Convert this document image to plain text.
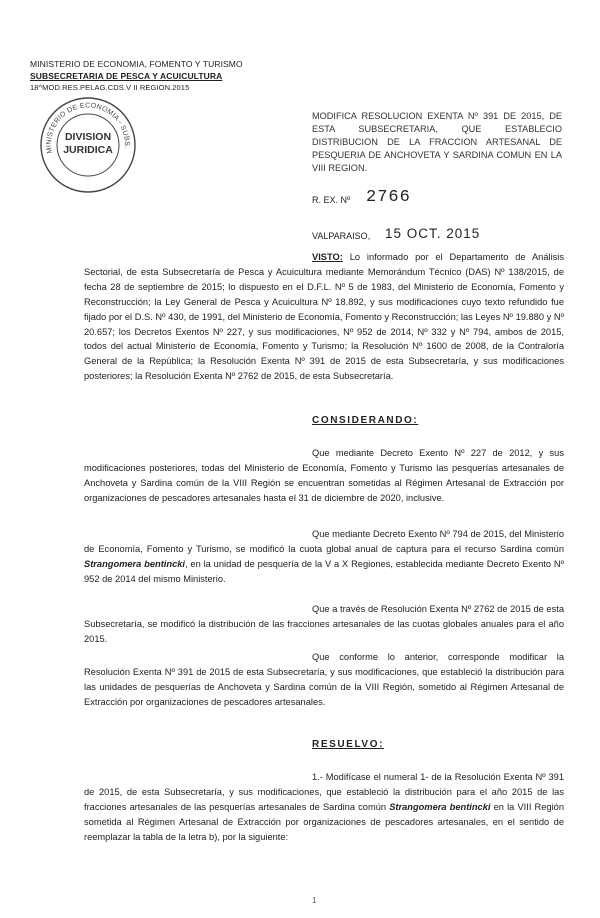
MINISTERIO DE ECONOMIA, FOMENTO Y TURISMO
SUBSECRETARIA DE PESCA Y ACUICULTURA
18^MOD.RES.PELAG.CDS.V II REGION.2015
MINISTERIO DE ECONOMIA - SUBS.
DIVISION
JURIDICA
MODIFICA RESOLUCION EXENTA Nº 391 DE 2015, DE ESTA SUBSECRETARIA, QUE ESTABLECIO DISTRIBUCION DE LA FRACCION ARTESANAL DE PESQUERIA DE ANCHOVETA Y SARDINA COMUN EN LA VIII REGION.
R. EX. Nº 2766
VALPARAISO, 15 OCT. 2015
VISTO: Lo informado por el Departamento de Análisis Sectorial, de esta Subsecretaría de Pesca y Acuicultura mediante Memorándum Técnico (DAS) Nº 138/2015, de fecha 28 de septiembre de 2015; lo dispuesto en el D.F.L. Nº 5 de 1983, del Ministerio de Economía, Fomento y Reconstrucción; la Ley General de Pesca y Acuicultura Nº 18.892, y sus modificaciones cuyo texto refundido fue fijado por el D.S. Nº 430, de 1991, del Ministerio de Economía, Fomento y Reconstrucción; las Leyes Nº 19.880 y Nº 20.657; los Decretos Exentos Nº 227, y sus modificaciones, Nº 952 de 2014, Nº 332 y Nº 794, ambos de 2015, todos del actual Ministerio de Economía, Fomento y Turismo; la Resolución Nº 1600 de 2008, de la Contraloría General de la República; la Resolución Exenta Nº 391 de 2015 de esta Subsecretaría, y sus modificaciones posteriores; la Resolución Exenta Nº 2762 de 2015, de esta Subsecretaría.
CONSIDERANDO:
Que mediante Decreto Exento Nº 227 de 2012, y sus modificaciones posteriores, todas del Ministerio de Economía, Fomento y Turismo las pesquerías artesanales de Anchoveta y Sardina común de la VIII Región se encuentran sometidas al Régimen Artesanal de Extracción por organizaciones de pescadores artesanales hasta el 31 de diciembre de 2020, inclusive.
Que mediante Decreto Exento Nº 794 de 2015, del Ministerio de Economía, Fomento y Turismo, se modificó la cuota global anual de captura para el recurso Sardina común Strangomera bentincki, en la unidad de pesquería de la V a X Regiones, establecida mediante Decreto Exento Nº 952 de 2014 del mismo Ministerio.
Que a través de Resolución Exenta Nº 2762 de 2015 de esta Subsecretaría, se modificó la distribución de las fracciones artesanales de las cuotas globales anuales para el año 2015.
Que conforme lo anterior, corresponde modificar la Resolución Exenta Nº 391 de 2015 de esta Subsecretaría, y sus modificaciones, que estableció la distribución para las unidades de pesquerías de Anchoveta y Sardina común de la VIII Región, sometido al Régimen Artesanal de Extracción por organizaciones de pescadores artesanales.
RESUELVO:
1.- Modifícase el numeral 1- de la Resolución Exenta Nº 391 de 2015, de esta Subsecretaría, y sus modificaciones, que estableció la distribución para el año 2015 de las fracciones artesanales de las pesquerías artesanales de Sardina común Strangomera bentincki en la VIII Región sometida al Régimen Artesanal de Extracción por organizaciones de pescadores artesanales, en el sentido de reemplazar la tabla de la letra b), por la siguiente:
1
